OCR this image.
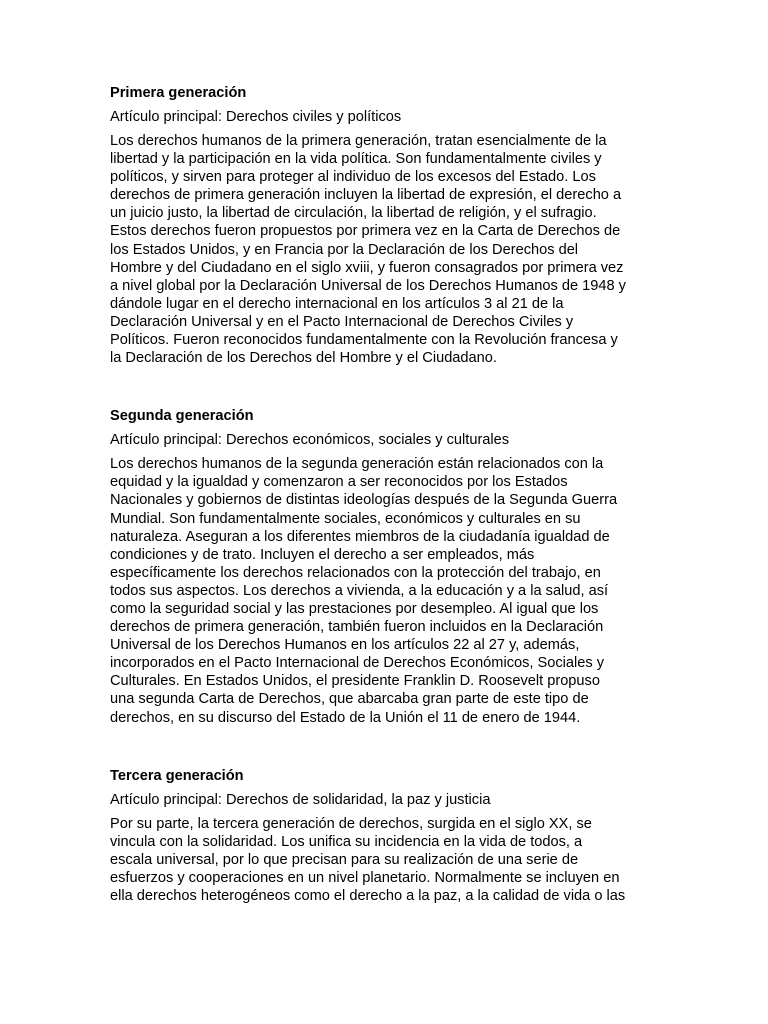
Primera generación
Artículo principal: Derechos civiles y políticos

Los derechos humanos de la primera generación, tratan esencialmente de la
libertad y la participación en la vida política. Son fundamentalmente civiles y
políticos, y sirven para proteger al individuo de los excesos del Estado. Los
derechos de primera generación incluyen la libertad de expresión, el derecho a
un juicio justo, la libertad de circulación, la libertad de religión, y el sufragio.
Estos derechos fueron propuestos por primera vez en la Carta de Derechos de
los Estados Unidos, y en Francia por la Declaración de los Derechos del
Hombre y del Ciudadano en el siglo xviii, y fueron consagrados por primera vez
a nivel global por la Declaración Universal de los Derechos Humanos de 1948 y
dándole lugar en el derecho internacional en los artículos 3 al 21 de la
Declaración Universal y en el Pacto Internacional de Derechos Civiles y
Políticos. Fueron reconocidos fundamentalmente con la Revolución francesa y
la Declaración de los Derechos del Hombre y el Ciudadano.

Segunda generación
Artículo principal: Derechos económicos, sociales y culturales

Los derechos humanos de la segunda generación están relacionados con la
equidad y la igualdad y comenzaron a ser reconocidos por los Estados
Nacionales y gobiernos de distintas ideologías después de la Segunda Guerra
Mundial. Son fundamentalmente sociales, económicos y culturales en su
naturaleza. Aseguran a los diferentes miembros de la ciudadanía igualdad de
condiciones y de trato. Incluyen el derecho a ser empleados, más
específicamente los derechos relacionados con la protección del trabajo, en
todos sus aspectos. Los derechos a vivienda, a la educación y a la salud, así
como la seguridad social y las prestaciones por desempleo. Al igual que los
derechos de primera generación, también fueron incluidos en la Declaración
Universal de los Derechos Humanos en los artículos 22 al 27 y, además,
incorporados en el Pacto Internacional de Derechos Económicos, Sociales y
Culturales. En Estados Unidos, el presidente Franklin D. Roosevelt propuso
una segunda Carta de Derechos, que abarcaba gran parte de este tipo de
derechos, en su discurso del Estado de la Unión el 11 de enero de 1944.

Tercera generación
Artículo principal: Derechos de solidaridad, la paz y justicia

Por su parte, la tercera generación de derechos, surgida en el siglo XX, se
vincula con la solidaridad. Los unifica su incidencia en la vida de todos, a
escala universal, por lo que precisan para su realización de una serie de
esfuerzos y cooperaciones en un nivel planetario. Normalmente se incluyen en
ella derechos heterogéneos como el derecho a la paz, a la calidad de vida o las
